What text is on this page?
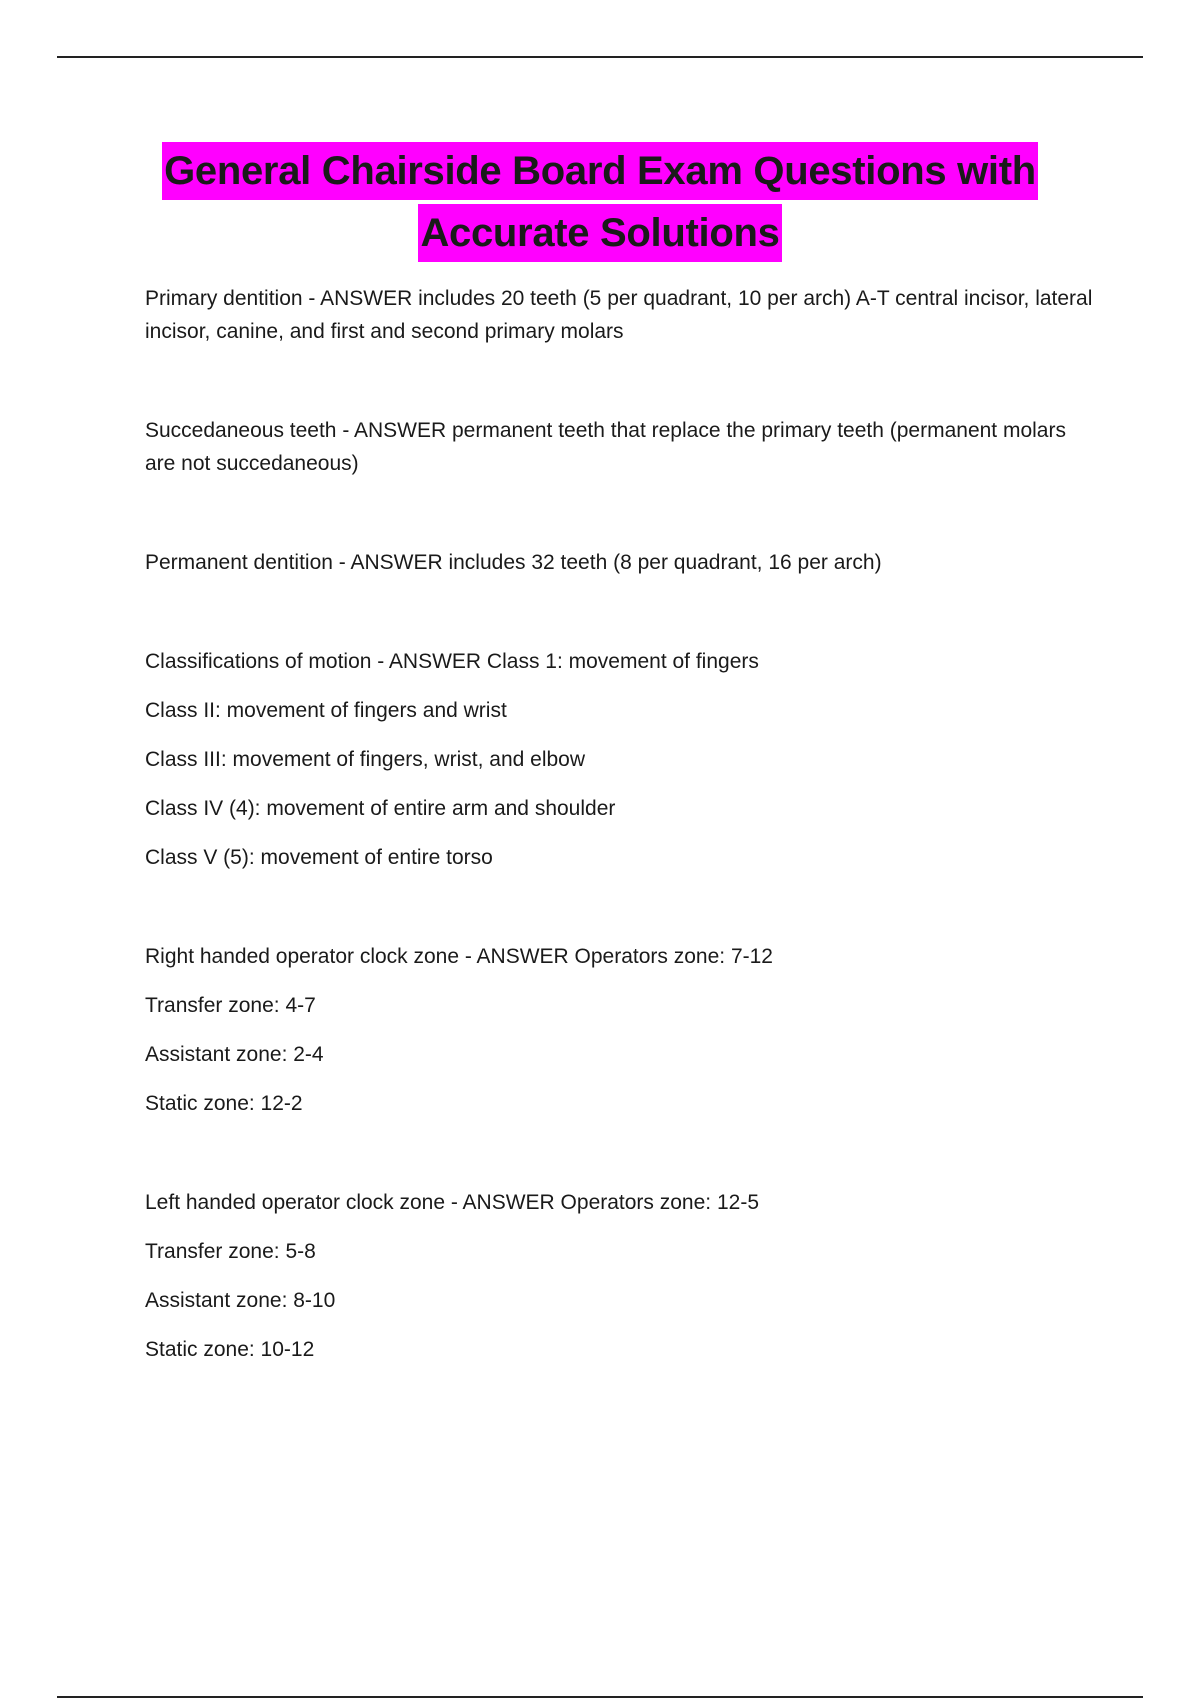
General Chairside Board Exam Questions with
Accurate Solutions

Primary dentition - ANSWER includes 20 teeth (5 per quadrant, 10 per arch) A-T central incisor, lateral incisor, canine, and first and second primary molars

Succedaneous teeth - ANSWER permanent teeth that replace the primary teeth (permanent molars are not succedaneous)

Permanent dentition - ANSWER includes 32 teeth (8 per quadrant, 16 per arch)

Classifications of motion - ANSWER Class 1: movement of fingers

Class II: movement of fingers and wrist

Class III: movement of fingers, wrist, and elbow

Class IV (4): movement of entire arm and shoulder

Class V (5): movement of entire torso

Right handed operator clock zone - ANSWER Operators zone: 7-12

Transfer zone: 4-7

Assistant zone: 2-4

Static zone: 12-2

Left handed operator clock zone - ANSWER Operators zone: 12-5

Transfer zone: 5-8

Assistant zone: 8-10

Static zone: 10-12
